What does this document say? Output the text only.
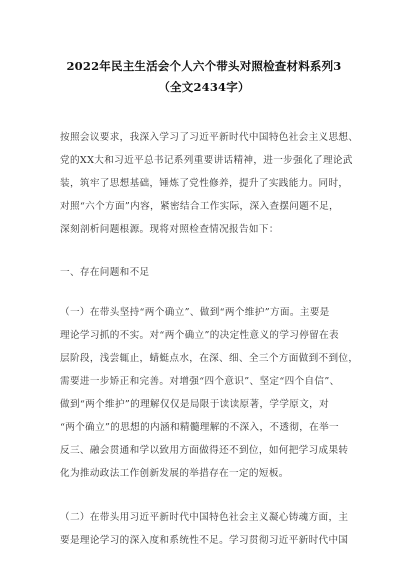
2022年民主生活会个人六个带头对照检查材料系列3
（全文2434字）
按照会议要求，我深入学习了习近平新时代中国特色社会主义思想、
党的XX大和习近平总书记系列重要讲话精神，进一步强化了理论武
装，筑牢了思想基础，锤炼了党性修养，提升了实践能力。同时，
对照“六个方面”内容，紧密结合工作实际，深入查摆问题不足，
深刻剖析问题根源。现将对照检查情况报告如下：
一、存在问题和不足
（一）在带头坚持“两个确立”、做到“两个维护”方面。主要是
理论学习抓的不实。对“两个确立”的决定性意义的学习停留在表
层阶段，浅尝辄止，蜻蜓点水，在深、细、全三个方面做到不到位，
需要进一步矫正和完善。对增强“四个意识”、坚定“四个自信”、
做到“两个维护”的理解仅仅是局限于读读原著，学学原文，对
“两个确立”的思想的内涵和精髓理解的不深入，不透彻，在举一
反三、融会贯通和学以致用方面做得还不到位，如何把学习成果转
化为推动政法工作创新发展的举措存在一定的短板。
（二）在带头用习近平新时代中国特色社会主义凝心铸魂方面，主
要是理论学习的深入度和系统性不足。学习贯彻习近平新时代中国
